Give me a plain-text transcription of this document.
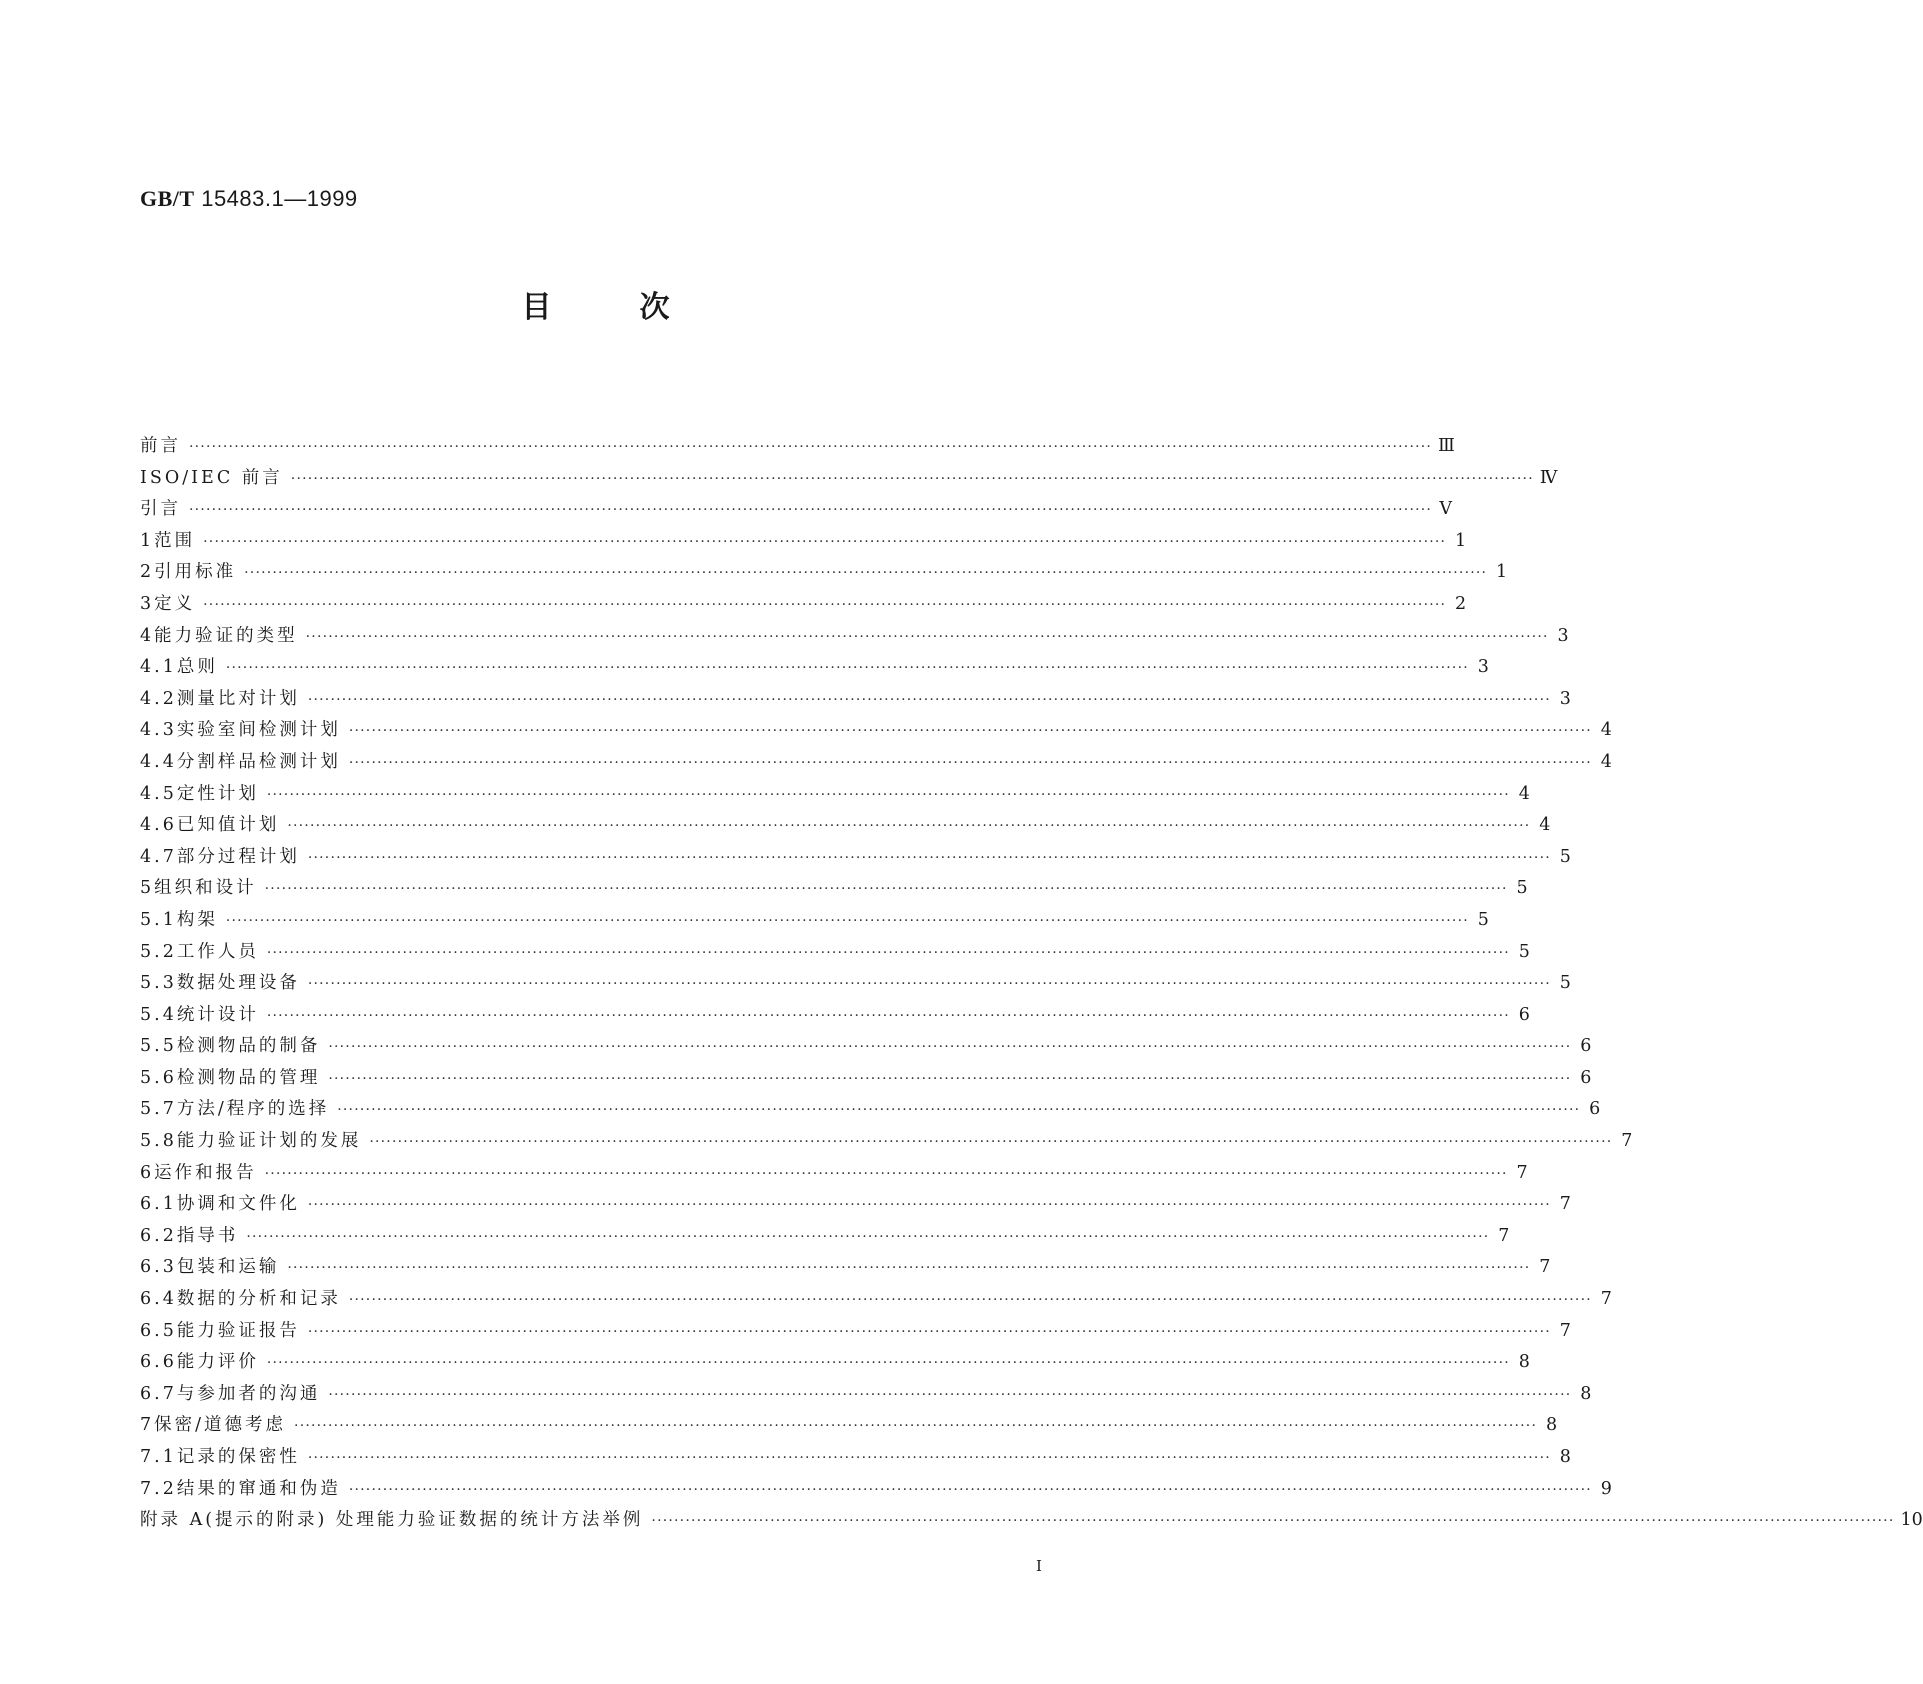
GB/T 15483.1—1999
目次
前言 ···························································································································································································································· Ⅲ
ISO/IEC 前言 ···························································································································································································································· Ⅳ
引言 ···························································································································································································································· Ⅴ
1 范围 ···························································································································································································································· 1
2 引用标准 ···························································································································································································································· 1
3 定义 ···························································································································································································································· 2
4 能力验证的类型 ···························································································································································································································· 3
4.1 总则 ···························································································································································································································· 3
4.2 测量比对计划 ···························································································································································································································· 3
4.3 实验室间检测计划 ···························································································································································································································· 4
4.4 分割样品检测计划 ···························································································································································································································· 4
4.5 定性计划 ···························································································································································································································· 4
4.6 已知值计划 ···························································································································································································································· 4
4.7 部分过程计划 ···························································································································································································································· 5
5 组织和设计 ···························································································································································································································· 5
5.1 构架 ···························································································································································································································· 5
5.2 工作人员 ···························································································································································································································· 5
5.3 数据处理设备 ···························································································································································································································· 5
5.4 统计设计 ···························································································································································································································· 6
5.5 检测物品的制备 ···························································································································································································································· 6
5.6 检测物品的管理 ···························································································································································································································· 6
5.7 方法/程序的选择 ···························································································································································································································· 6
5.8 能力验证计划的发展 ···························································································································································································································· 7
6 运作和报告 ···························································································································································································································· 7
6.1 协调和文件化 ···························································································································································································································· 7
6.2 指导书 ···························································································································································································································· 7
6.3 包装和运输 ···························································································································································································································· 7
6.4 数据的分析和记录 ···························································································································································································································· 7
6.5 能力验证报告 ···························································································································································································································· 7
6.6 能力评价 ···························································································································································································································· 8
6.7 与参加者的沟通 ···························································································································································································································· 8
7 保密/道德考虑 ···························································································································································································································· 8
7.1 记录的保密性 ···························································································································································································································· 8
7.2 结果的窜通和伪造 ···························································································································································································································· 9
附录 A(提示的附录) 处理能力验证数据的统计方法举例 ···························································································································································································································· 10
I
